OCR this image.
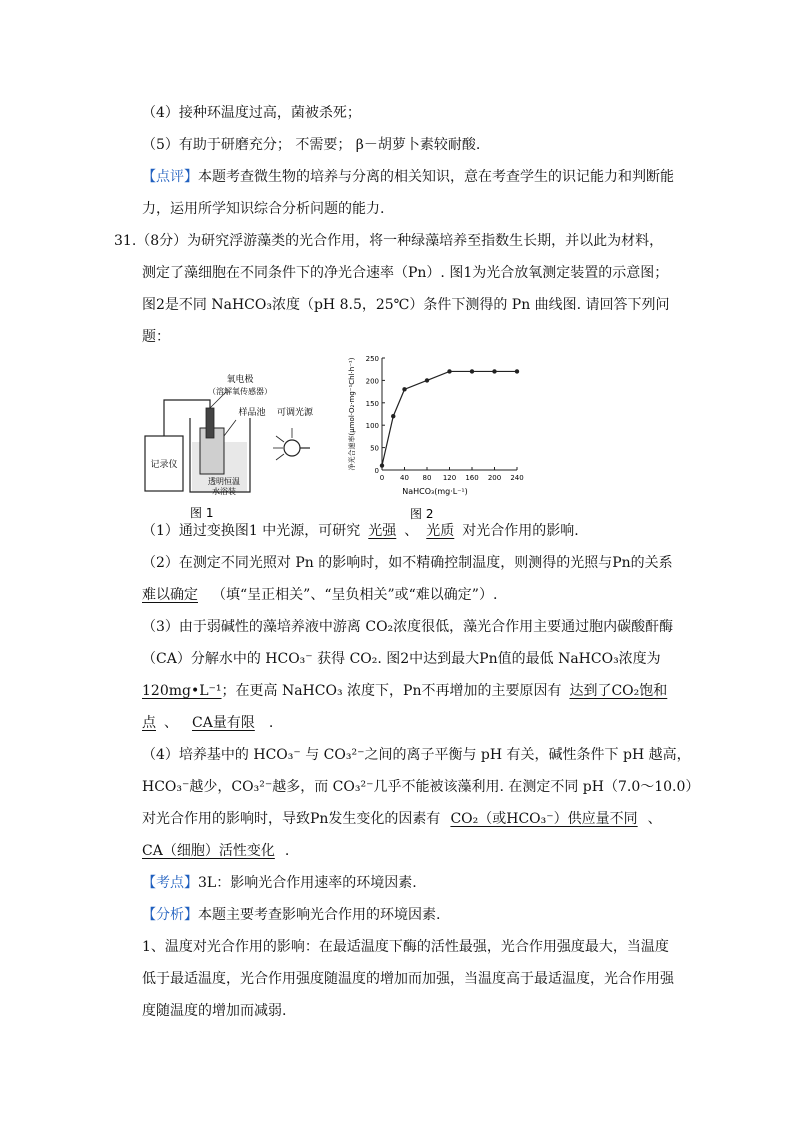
（4）接种环温度过高，菌被杀死；
（5）有助于研磨充分； 不需要； β－胡萝卜素较耐酸.
【点评】本题考查微生物的培养与分离的相关知识，意在考查学生的识记能力和判断能
力，运用所学知识综合分析问题的能力.
31.（8分）为研究浮游藻类的光合作用，将一种绿藻培养至指数生长期，并以此为材料，
测定了藻细胞在不同条件下的净光合速率（Pn）. 图1为光合放氧测定装置的示意图；
图2是不同 NaHCO₃浓度（pH 8.5，25℃）条件下测得的 Pn 曲线图. 请回答下列问
题：
记录仪
氧电极
（溶解氧传感器）
样品池
透明恒温
水浴装
可调光源
图 1
净光合速率(μmol·O₂·mg⁻¹Chl·h⁻¹)
NaHCO₃(mg·L⁻¹)
图 2
0
50
100
150
200
250
0 40 80 120 160 200 240
（1）通过变换图1 中光源，可研究 光强 、 光质 对光合作用的影响.
（2）在测定不同光照对 Pn 的影响时，如不精确控制温度，则测得的光照与Pn的关系
难以确定 （填“呈正相关”、“呈负相关”或“难以确定”）.
（3）由于弱碱性的藻培养液中游离 CO₂浓度很低，藻光合作用主要通过胞内碳酸酐酶
（CA）分解水中的 HCO₃⁻ 获得 CO₂. 图2中达到最大Pn值的最低 NaHCO₃浓度为
120mg•L⁻¹；在更高 NaHCO₃ 浓度下，Pn不再增加的主要原因有 达到了CO₂饱和
点 、 CA量有限 .
（4）培养基中的 HCO₃⁻ 与 CO₃²⁻之间的离子平衡与 pH 有关，碱性条件下 pH 越高，
HCO₃⁻越少，CO₃²⁻越多，而 CO₃²⁻几乎不能被该藻利用. 在测定不同 pH（7.0～10.0）
对光合作用的影响时，导致Pn发生变化的因素有 CO₂（或HCO₃⁻）供应量不同 、
CA（细胞）活性变化 .
【考点】3L：影响光合作用速率的环境因素.
【分析】本题主要考查影响光合作用的环境因素.
1、温度对光合作用的影响：在最适温度下酶的活性最强，光合作用强度最大，当温度
低于最适温度，光合作用强度随温度的增加而加强，当温度高于最适温度，光合作用强
度随温度的增加而减弱.
